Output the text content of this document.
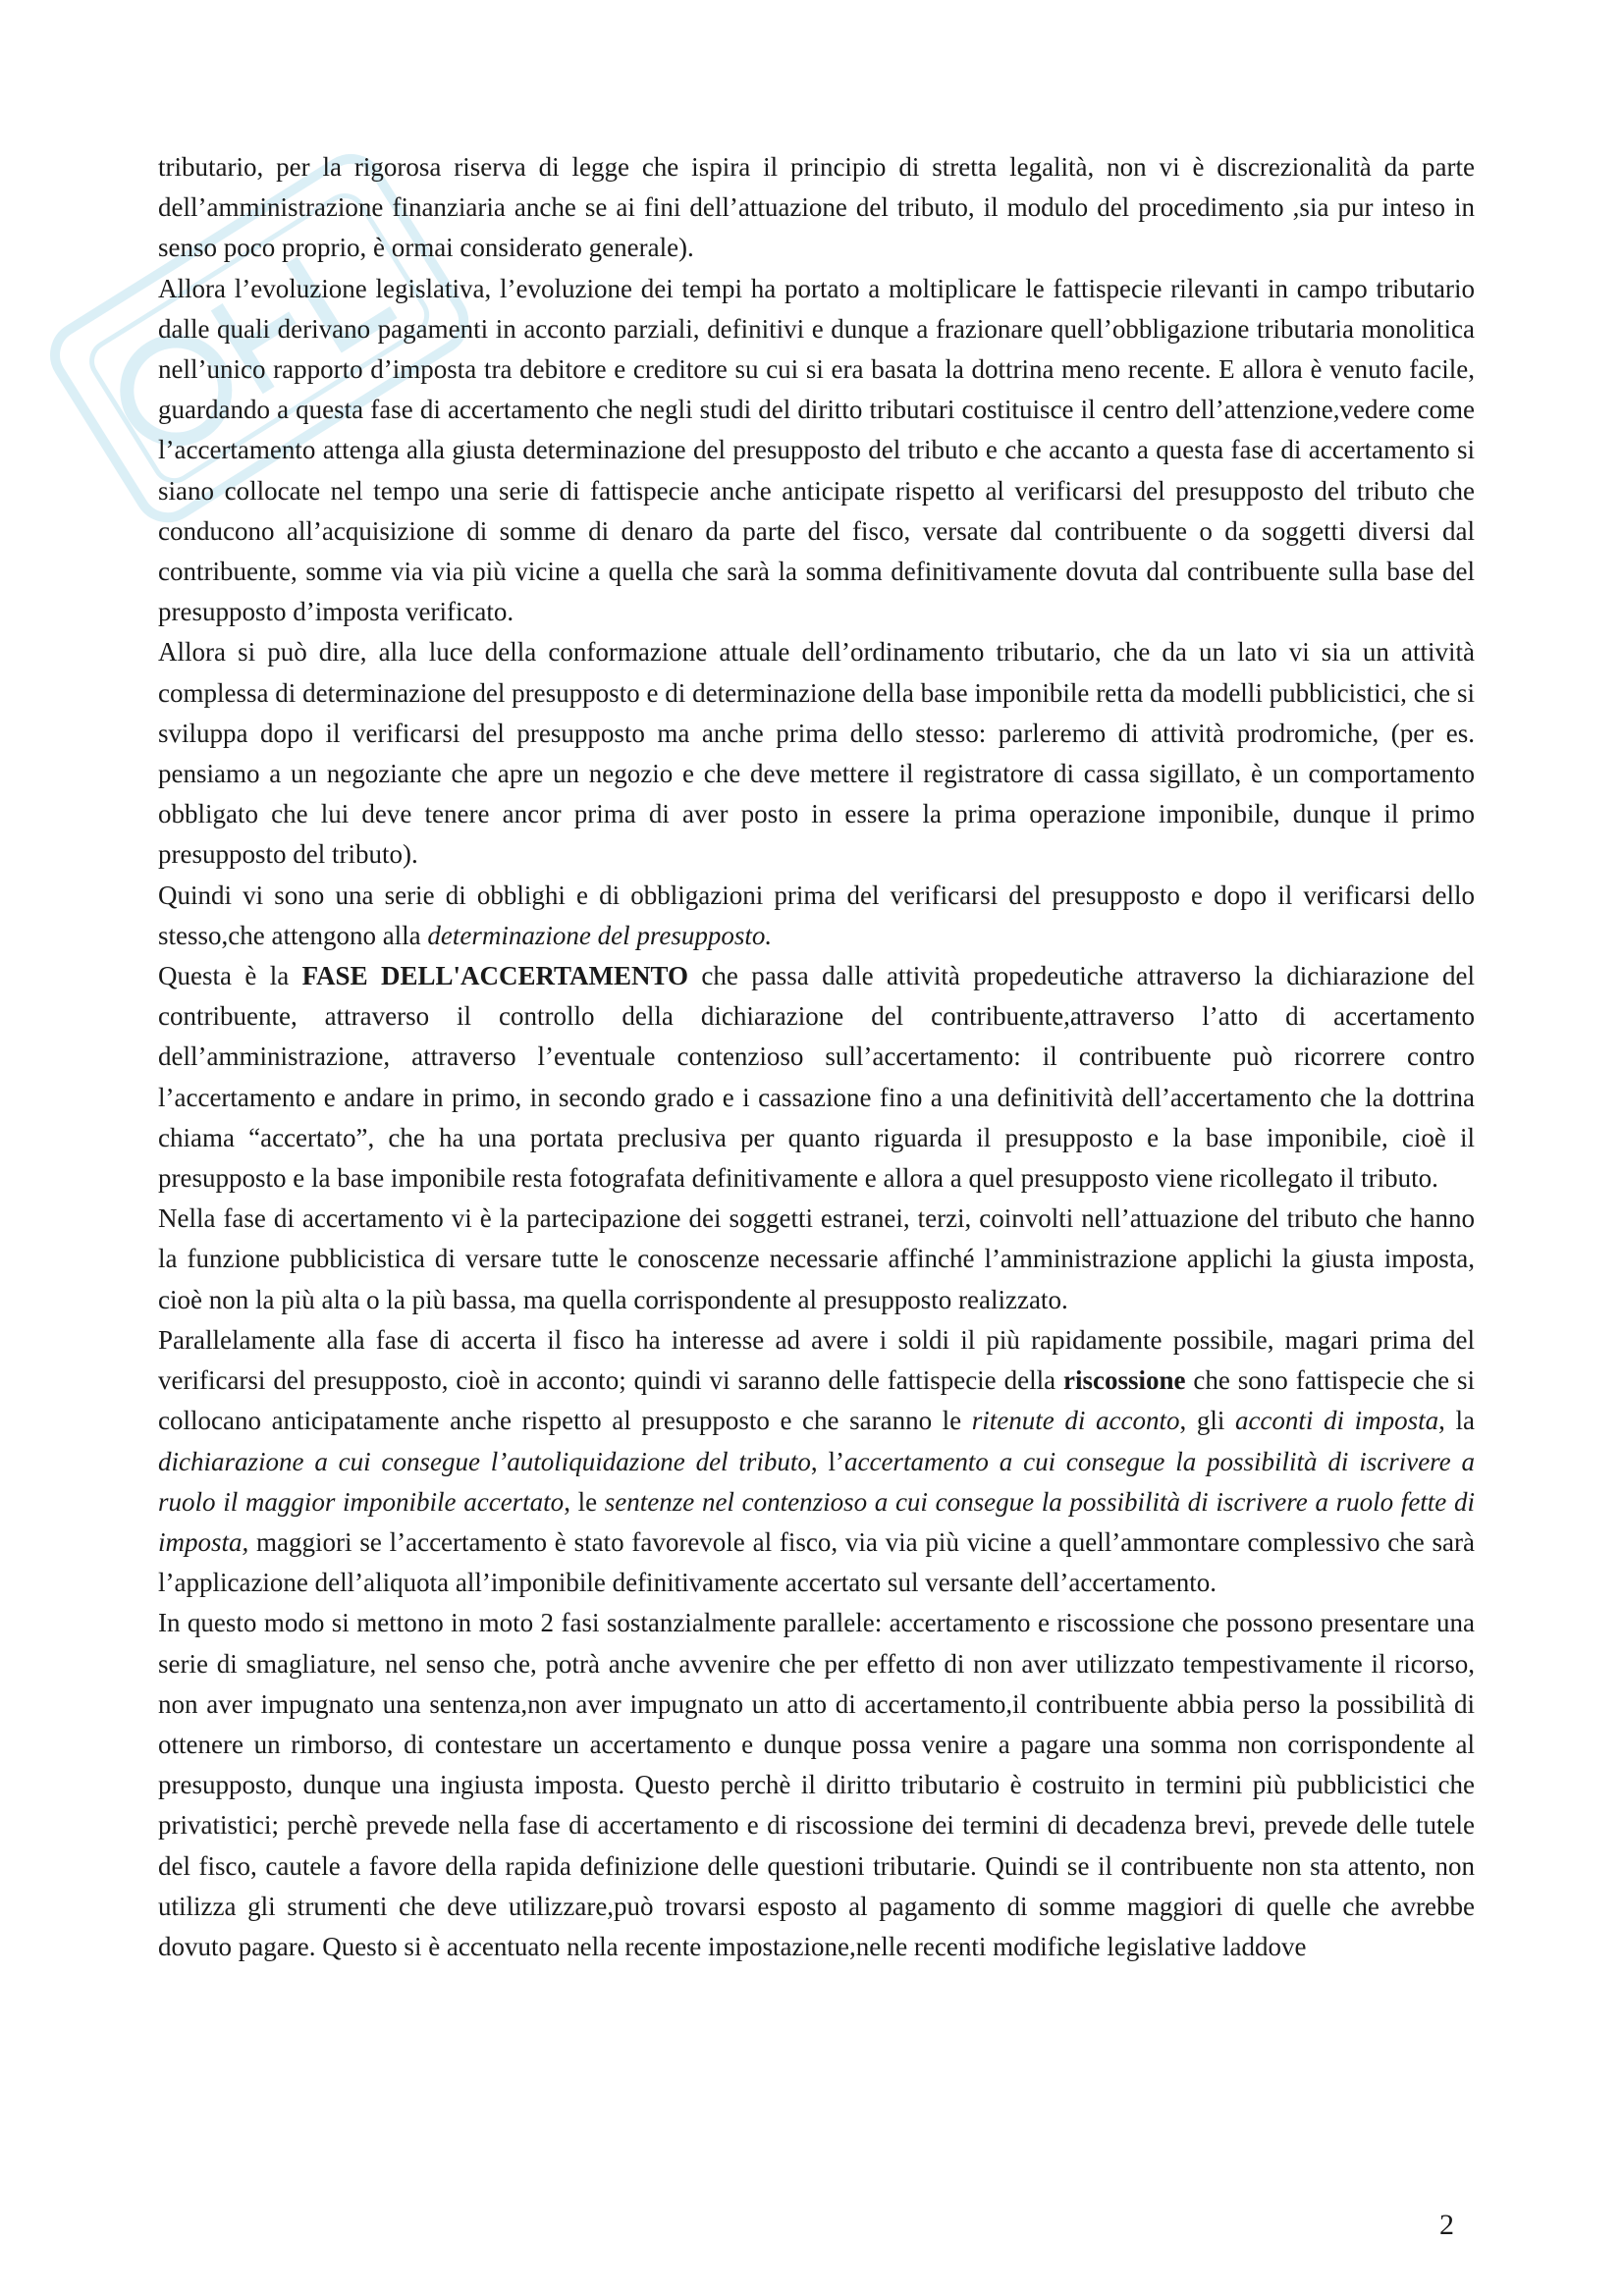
tributario, per la rigorosa riserva di legge che ispira il principio di stretta legalità, non vi è discrezionalità da parte dell’amministrazione finanziaria anche se ai fini dell’attuazione del tributo, il modulo del procedimento ,sia pur inteso in senso poco proprio, è ormai considerato generale).

Allora l’evoluzione legislativa, l’evoluzione dei tempi ha portato a moltiplicare le fattispecie rilevanti in campo tributario dalle quali derivano pagamenti in acconto parziali, definitivi e dunque a frazionare quell’obbligazione tributaria monolitica nell’unico rapporto d’imposta tra debitore e creditore su cui si era basata la dottrina meno recente. E allora è venuto facile, guardando a questa fase di accertamento che negli studi del diritto tributari costituisce il centro dell’attenzione,vedere come l’accertamento attenga alla giusta determinazione del presupposto del tributo e che accanto a questa fase di accertamento si siano collocate nel tempo una serie di fattispecie anche anticipate rispetto al verificarsi del presupposto del tributo che conducono all’acquisizione di somme di denaro da parte del fisco, versate dal contribuente o da soggetti diversi dal contribuente, somme via via più vicine a quella che sarà la somma definitivamente dovuta dal contribuente sulla base del presupposto d’imposta verificato.

Allora si può dire, alla luce della conformazione attuale dell’ordinamento tributario, che da un lato vi sia un attività complessa di determinazione del presupposto e di determinazione della base imponibile retta da modelli pubblicistici, che si sviluppa dopo il verificarsi del presupposto ma anche prima dello stesso: parleremo di attività prodromiche, (per es. pensiamo a un negoziante che apre un negozio e che deve mettere il registratore di cassa sigillato, è un comportamento obbligato che lui deve tenere ancor prima di aver posto in essere la prima operazione imponibile, dunque il primo presupposto del tributo).

Quindi vi sono una serie di obblighi e di obbligazioni prima del verificarsi del presupposto e dopo il verificarsi dello stesso,che attengono alla determinazione del presupposto.

Questa è la FASE DELL'ACCERTAMENTO che passa dalle attività propedeutiche attraverso la dichiarazione del contribuente, attraverso il controllo della dichiarazione del contribuente,attraverso l’atto di accertamento dell’amministrazione, attraverso l’eventuale contenzioso sull’accertamento: il contribuente può ricorrere contro l’accertamento e andare in primo, in secondo grado e i cassazione fino a una definitività dell’accertamento che la dottrina chiama “accertato”, che ha una portata preclusiva per quanto riguarda il presupposto e la base imponibile, cioè il presupposto e la base imponibile resta fotografata definitivamente e allora a quel presupposto viene ricollegato il tributo.

Nella fase di accertamento vi è la partecipazione dei soggetti estranei, terzi, coinvolti nell’attuazione del tributo che hanno la funzione pubblicistica di versare tutte le conoscenze necessarie affinché l’amministrazione applichi la giusta imposta, cioè non la più alta o la più bassa, ma quella corrispondente al presupposto realizzato.

Parallelamente alla fase di accerta il fisco ha interesse ad avere i soldi il più rapidamente possibile, magari prima del verificarsi del presupposto, cioè in acconto; quindi vi saranno delle fattispecie della riscossione che sono fattispecie che si collocano anticipatamente anche rispetto al presupposto e che saranno le ritenute di acconto, gli acconti di imposta, la dichiarazione a cui consegue l’autoliquidazione del tributo, l’accertamento a cui consegue la possibilità di iscrivere a ruolo il maggior imponibile accertato, le sentenze nel contenzioso a cui consegue la possibilità di iscrivere a ruolo fette di imposta, maggiori se l’accertamento è stato favorevole al fisco, via via più vicine a quell’ammontare complessivo che sarà l’applicazione dell’aliquota all’imponibile definitivamente accertato sul versante dell’accertamento.

In questo modo si mettono in moto 2 fasi sostanzialmente parallele: accertamento e riscossione che possono presentare una serie di smagliature, nel senso che, potrà anche avvenire che per effetto di non aver utilizzato tempestivamente il ricorso, non aver impugnato una sentenza,non aver impugnato un atto di accertamento,il contribuente abbia perso la possibilità di ottenere un rimborso, di contestare un accertamento e dunque possa venire a pagare una somma non corrispondente al presupposto, dunque una ingiusta imposta. Questo perchè il diritto tributario è costruito in termini più pubblicistici che privatistici; perchè prevede nella fase di accertamento e di riscossione dei termini di decadenza brevi, prevede delle tutele del fisco, cautele a favore della rapida definizione delle questioni tributarie. Quindi se il contribuente non sta attento, non utilizza gli strumenti che deve utilizzare,può trovarsi esposto al pagamento di somme maggiori di quelle che avrebbe dovuto pagare. Questo si è accentuato nella recente impostazione,nelle recenti modifiche legislative laddove

2
